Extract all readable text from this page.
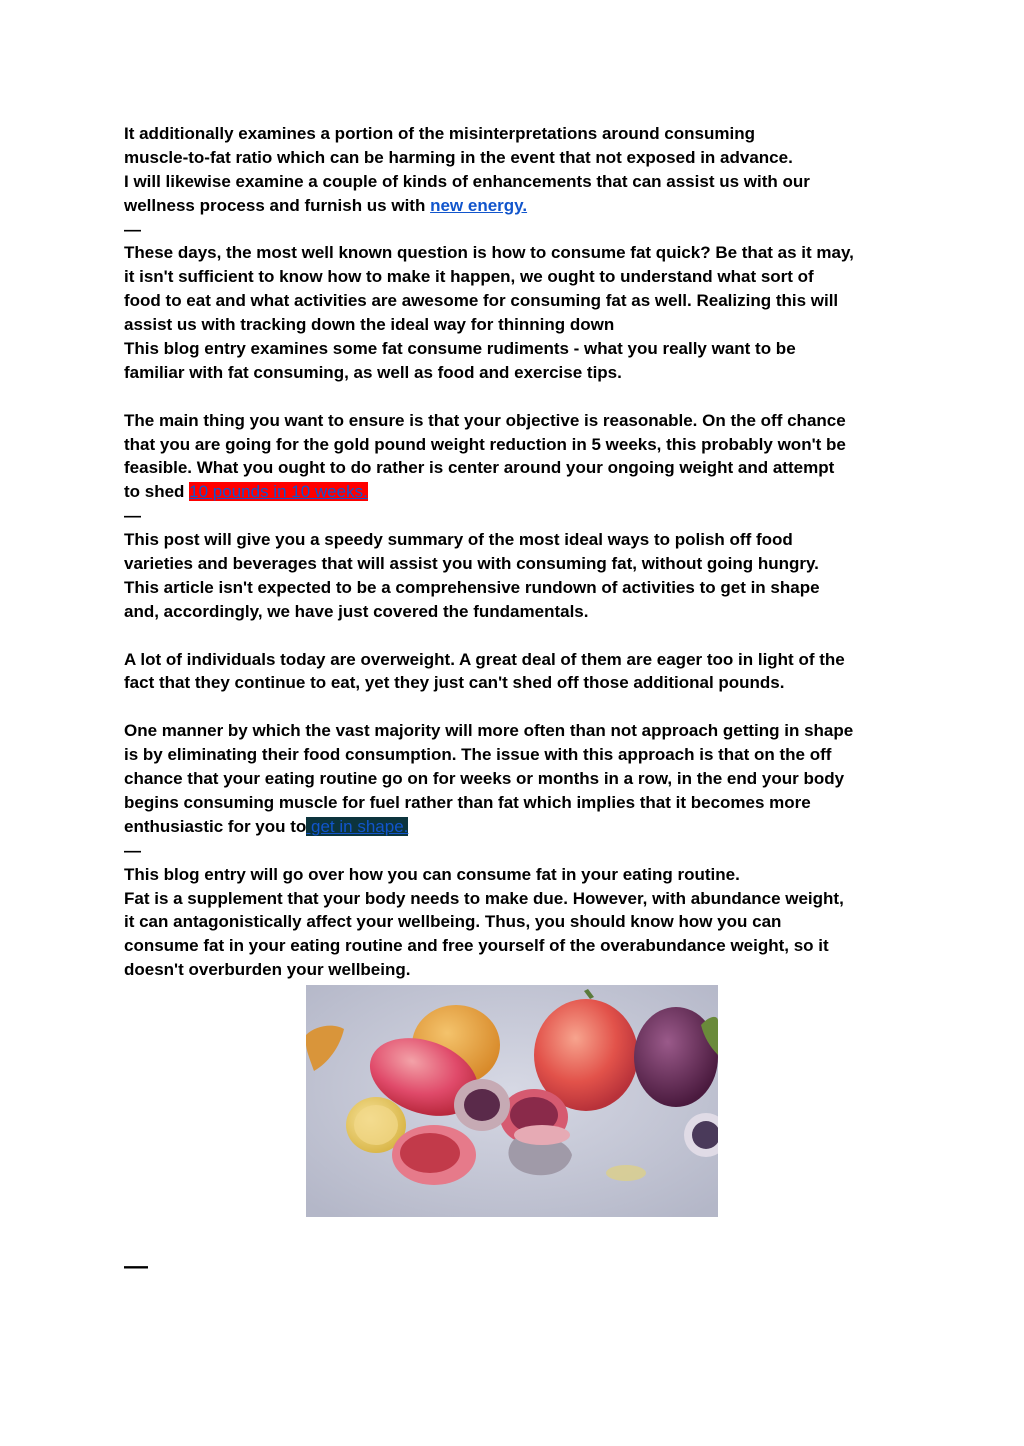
It additionally examines a portion of the misinterpretations around consuming
muscle-to-fat ratio which can be harming in the event that not exposed in advance.
I will likewise examine a couple of kinds of enhancements that can assist us with our
wellness process and furnish us with new energy.
—
These days, the most well known question is how to consume fat quick? Be that as it may,
it isn't sufficient to know how to make it happen, we ought to understand what sort of
food to eat and what activities are awesome for consuming fat as well. Realizing this will
assist us with tracking down the ideal way for thinning down
This blog entry examines some fat consume rudiments - what you really want to be
familiar with fat consuming, as well as food and exercise tips.
The main thing you want to ensure is that your objective is reasonable. On the off chance
that you are going for the gold pound weight reduction in 5 weeks, this probably won't be
feasible. What you ought to do rather is center around your ongoing weight and attempt
to shed 10 pounds in 10 weeks.
—
This post will give you a speedy summary of the most ideal ways to polish off food
varieties and beverages that will assist you with consuming fat, without going hungry.
This article isn't expected to be a comprehensive rundown of activities to get in shape
and, accordingly, we have just covered the fundamentals.
A lot of individuals today are overweight. A great deal of them are eager too in light of the
fact that they continue to eat, yet they just can't shed off those additional pounds.
One manner by which the vast majority will more often than not approach getting in shape
is by eliminating their food consumption. The issue with this approach is that on the off
chance that your eating routine go on for weeks or months in a row, in the end your body
begins consuming muscle for fuel rather than fat which implies that it becomes more
enthusiastic for you to get in shape.
—
This blog entry will go over how you can consume fat in your eating routine.
Fat is a supplement that your body needs to make due. However, with abundance weight,
it can antagonistically affect your wellbeing. Thus, you should know how you can
consume fat in your eating routine and free yourself of the overabundance weight, so it
doesn't overburden your wellbeing.
—
